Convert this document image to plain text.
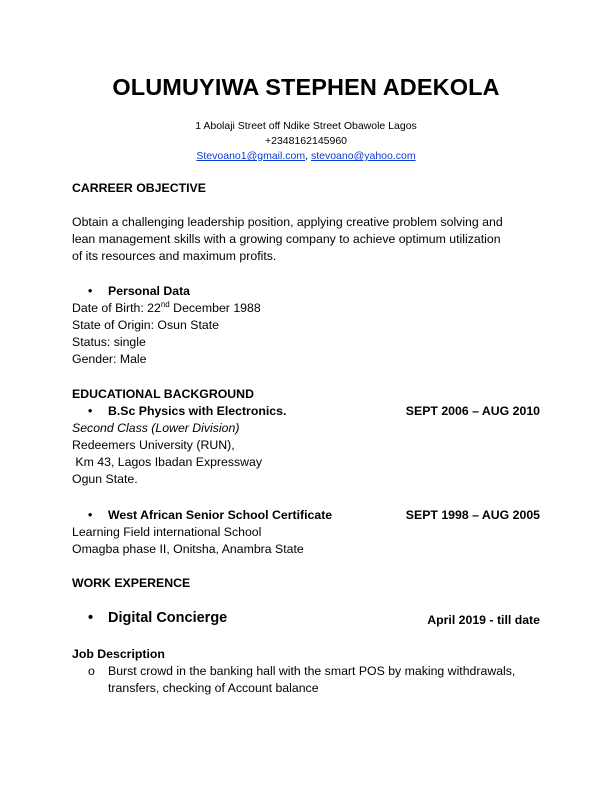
OLUMUYIWA STEPHEN ADEKOLA
1 Abolaji Street off Ndike Street Obawole Lagos
+2348162145960
Stevoano1@gmail.com, stevoano@yahoo.com
CARREER OBJECTIVE
Obtain a challenging leadership position, applying creative problem solving and
lean management skills with a growing company to achieve optimum utilization
of its resources and maximum profits.
• Personal Data
Date of Birth: 22nd December 1988
State of Origin: Osun State
Status: single
Gender: Male
EDUCATIONAL BACKGROUND
• B.Sc Physics with Electronics.	SEPT 2006 – AUG 2010
Second Class (Lower Division)
Redeemers University (RUN),
Km 43, Lagos Ibadan Expressway
Ogun State.
• West African Senior School Certificate	SEPT 1998 – AUG 2005
Learning Field international School
Omagba phase II, Onitsha, Anambra State
WORK EXPERENCE
• Digital Concierge	April 2019 - till date
Job Description
o	Burst crowd in the banking hall with the smart POS by making withdrawals,
transfers, checking of Account balance
